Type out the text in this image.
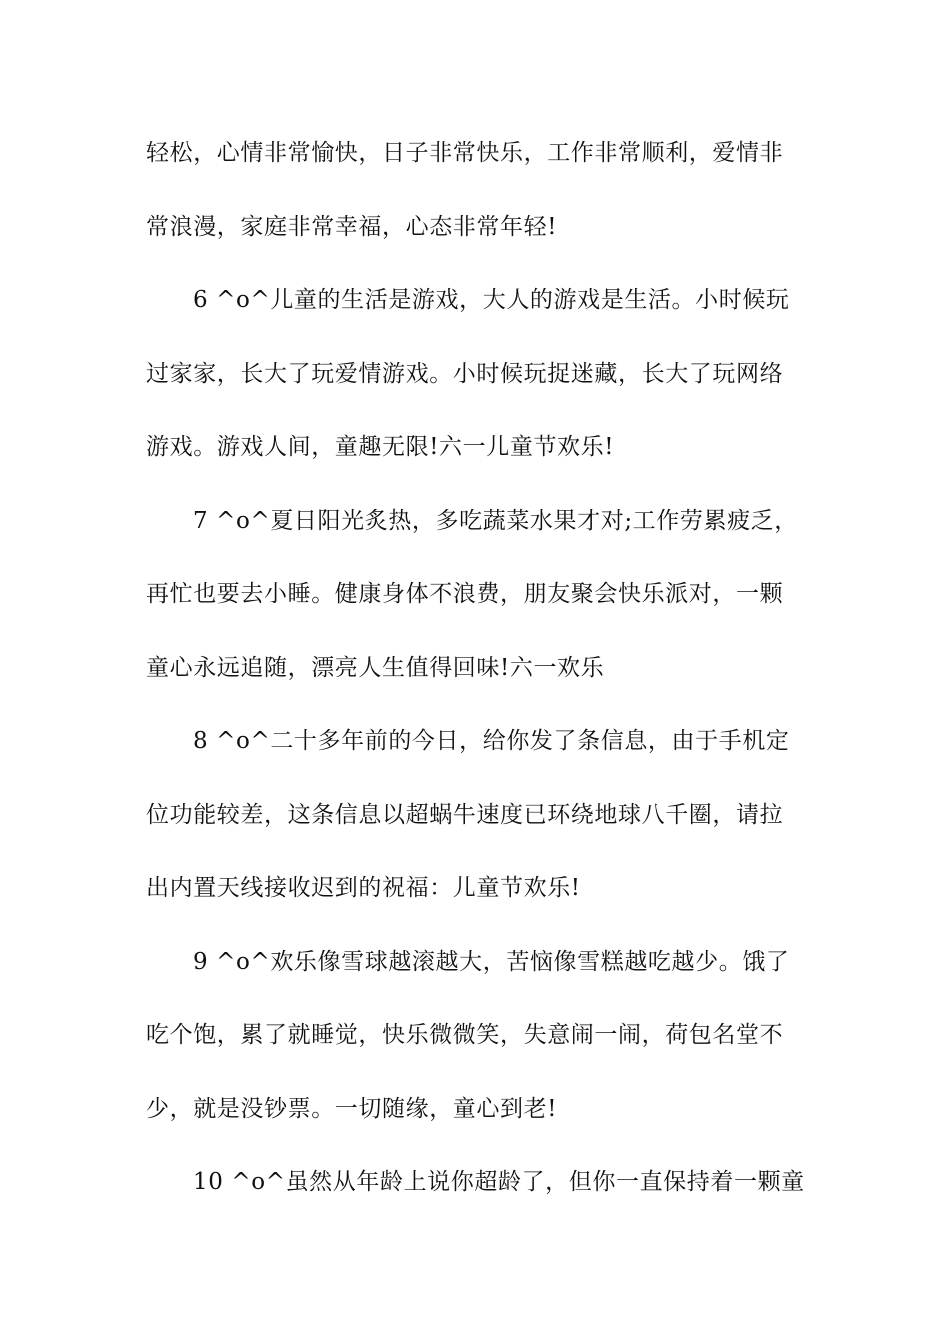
轻松，心情非常愉快，日子非常快乐，工作非常顺利，爱情非
常浪漫，家庭非常幸福，心态非常年轻!
6 ^o^儿童的生活是游戏，大人的游戏是生活。小时候玩
过家家，长大了玩爱情游戏。小时候玩捉迷藏，长大了玩网络
游戏。游戏人间，童趣无限!六一儿童节欢乐!
7 ^o^夏日阳光炙热，多吃蔬菜水果才对;工作劳累疲乏，
再忙也要去小睡。健康身体不浪费，朋友聚会快乐派对，一颗
童心永远追随，漂亮人生值得回味!六一欢乐
8 ^o^二十多年前的今日，给你发了条信息，由于手机定
位功能较差，这条信息以超蜗牛速度已环绕地球八千圈，请拉
出内置天线接收迟到的祝福：儿童节欢乐!
9 ^o^欢乐像雪球越滚越大，苦恼像雪糕越吃越少。饿了
吃个饱，累了就睡觉，快乐微微笑，失意闹一闹，荷包名堂不
少，就是没钞票。一切随缘，童心到老!
10 ^o^虽然从年龄上说你超龄了，但你一直保持着一颗童
